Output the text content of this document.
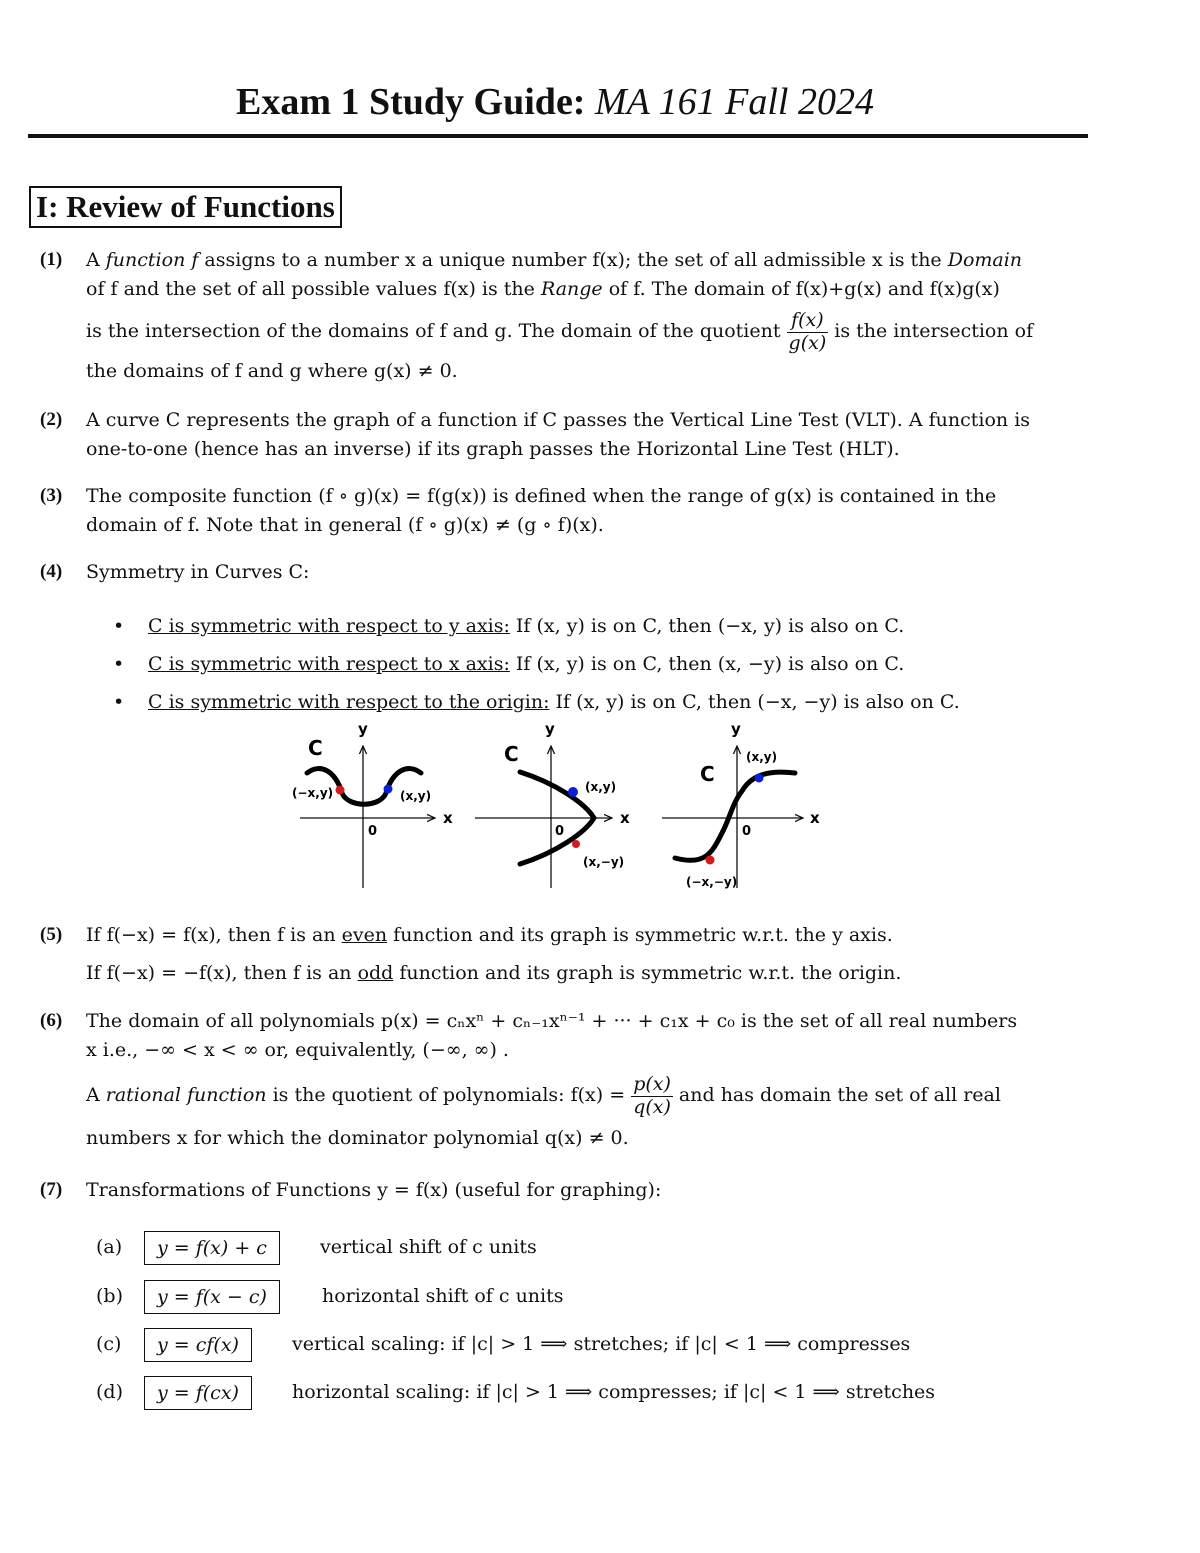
Exam 1 Study Guide: MA 161 Fall 2024
I: Review of Functions
(1) A function f assigns to a number x a unique number f(x); the set of all admissible x is the Domain
of f and the set of all possible values f(x) is the Range of f. The domain of f(x)+g(x) and f(x)g(x)
is the intersection of the domains of f and g. The domain of the quotient $\frac{f(x)}{g(x)}$ is the intersection of
the domains of f and g where g(x) ≠ 0.
(2) A curve C represents the graph of a function if C passes the Vertical Line Test (VLT). A function is
one-to-one (hence has an inverse) if its graph passes the Horizontal Line Test (HLT).
(3) The composite function (f ∘ g)(x) = f(g(x)) is defined when the range of g(x) is contained in the
domain of f. Note that in general (f ∘ g)(x) ≠ (g ∘ f)(x).
(4) Symmetry in Curves C:
• C is symmetric with respect to y axis: If (x, y) is on C, then (−x, y) is also on C.
• C is symmetric with respect to x axis: If (x, y) is on C, then (x, −y) is also on C.
• C is symmetric with respect to the origin: If (x, y) is on C, then (−x, −y) is also on C.
C
y
x
0
(−x,y)	(x,y)
C
y
x
0
(x,y)
(x,−y)
C
y
x
0
(x,y)
(−x,−y)
(5) If f(−x) = f(x), then f is an even function and its graph is symmetric w.r.t. the y axis.
If f(−x) = −f(x), then f is an odd function and its graph is symmetric w.r.t. the origin.
(6) The domain of all polynomials p(x) = cₙxⁿ + cₙ₋₁xⁿ⁻¹ + ··· + c₁x + c₀ is the set of all real numbers
x i.e., −∞ < x < ∞ or, equivalently, (−∞, ∞) .
A rational function is the quotient of polynomials: $f(x) = \frac{p(x)}{q(x)}$ and has domain the set of all real
numbers x for which the dominator polynomial q(x) ≠ 0.
(7) Transformations of Functions y = f(x) (useful for graphing):
(a)	y = f(x) + c	vertical shift of c units
(b)	y = f(x − c)	horizontal shift of c units
(c)	y = cf(x)	vertical scaling: if |c| > 1 ⟹ stretches; if |c| < 1 ⟹ compresses
(d)	y = f(cx)	horizontal scaling: if |c| > 1 ⟹ compresses; if |c| < 1 ⟹ stretches
